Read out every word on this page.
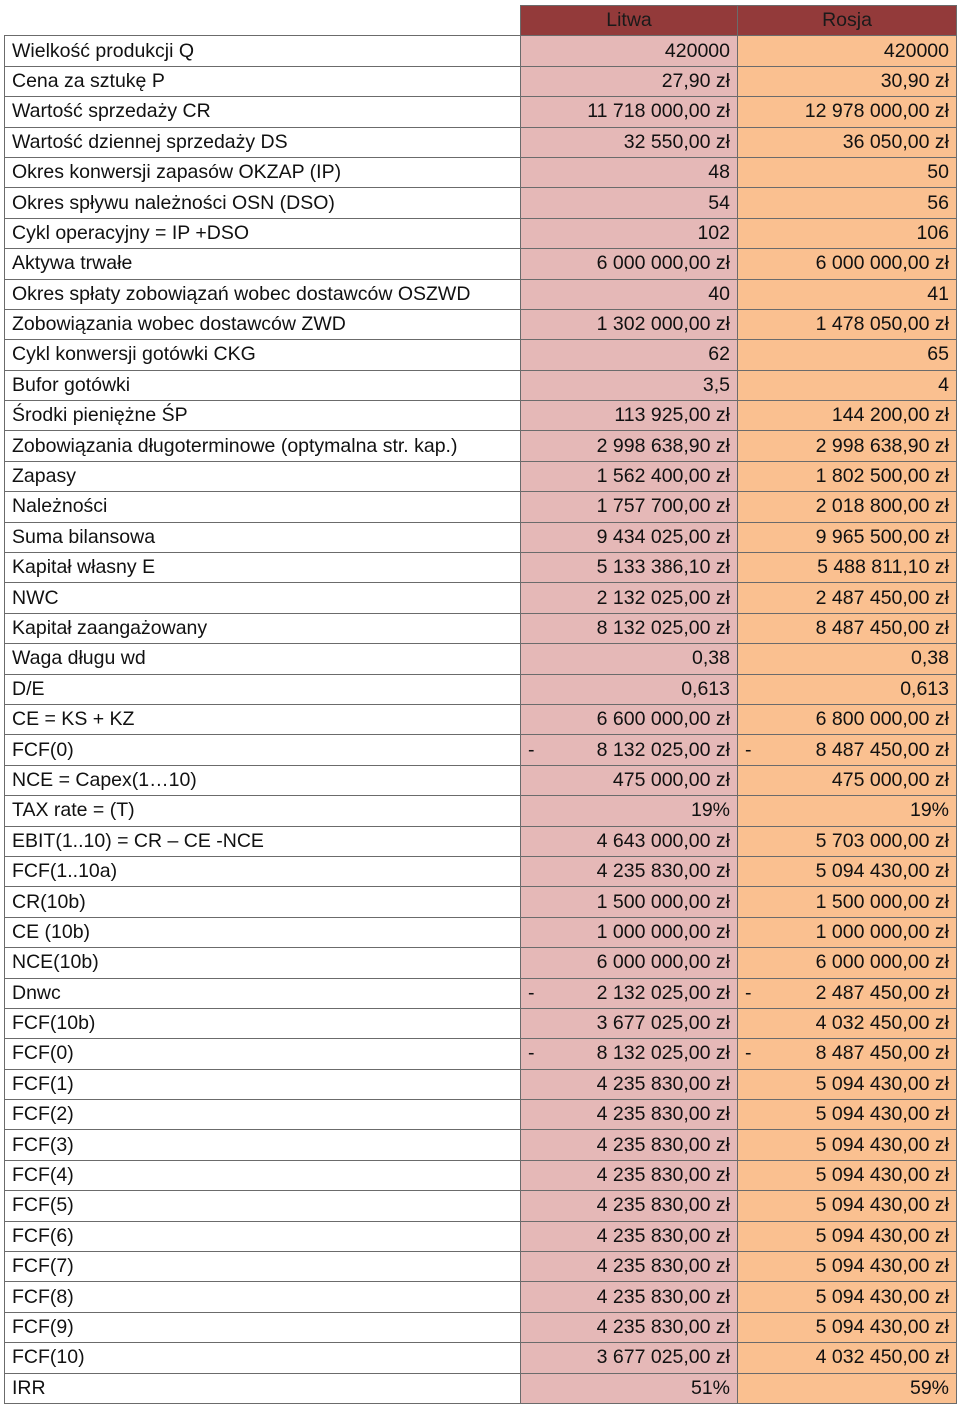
	Litwa	Rosja
Wielkość produkcji Q	420000	420000
Cena za sztukę P	27,90 zł	30,90 zł
Wartość sprzedaży CR	11 718 000,00 zł	12 978 000,00 zł
Wartość dziennej sprzedaży DS	32 550,00 zł	36 050,00 zł
Okres konwersji zapasów OKZAP (IP)	48	50
Okres spływu należności OSN (DSO)	54	56
Cykl operacyjny = IP +DSO	102	106
Aktywa trwałe	6 000 000,00 zł	6 000 000,00 zł
Okres spłaty zobowiązań wobec dostawców OSZWD	40	41
Zobowiązania wobec dostawców ZWD	1 302 000,00 zł	1 478 050,00 zł
Cykl konwersji gotówki CKG	62	65
Bufor gotówki	3,5	4
Środki pieniężne ŚP	113 925,00 zł	144 200,00 zł
Zobowiązania długoterminowe (optymalna str. kap.)	2 998 638,90 zł	2 998 638,90 zł
Zapasy	1 562 400,00 zł	1 802 500,00 zł
Należności	1 757 700,00 zł	2 018 800,00 zł
Suma bilansowa	9 434 025,00 zł	9 965 500,00 zł
Kapitał własny E	5 133 386,10 zł	5 488 811,10 zł
NWC	2 132 025,00 zł	2 487 450,00 zł
Kapitał zaangażowany	8 132 025,00 zł	8 487 450,00 zł
Waga długu wd	0,38	0,38
D/E	0,613	0,613
CE = KS + KZ	6 600 000,00 zł	6 800 000,00 zł
FCF(0)	- 8 132 025,00 zł	- 8 487 450,00 zł

NCE = Capex(1…10)	475 000,00 zł	475 000,00 zł
TAX rate = (T)	19%	19%
EBIT(1..10) = CR – CE -NCE	4 643 000,00 zł	5 703 000,00 zł
FCF(1..10a)	4 235 830,00 zł	5 094 430,00 zł
CR(10b)	1 500 000,00 zł	1 500 000,00 zł
CE (10b)	1 000 000,00 zł	1 000 000,00 zł
NCE(10b)	6 000 000,00 zł	6 000 000,00 zł
Dnwc	- 2 132 025,00 zł	- 2 487 450,00 zł

FCF(10b)	3 677 025,00 zł	4 032 450,00 zł
FCF(0)	- 8 132 025,00 zł	- 8 487 450,00 zł

FCF(1)	4 235 830,00 zł	5 094 430,00 zł
FCF(2)	4 235 830,00 zł	5 094 430,00 zł
FCF(3)	4 235 830,00 zł	5 094 430,00 zł
FCF(4)	4 235 830,00 zł	5 094 430,00 zł
FCF(5)	4 235 830,00 zł	5 094 430,00 zł
FCF(6)	4 235 830,00 zł	5 094 430,00 zł
FCF(7)	4 235 830,00 zł	5 094 430,00 zł
FCF(8)	4 235 830,00 zł	5 094 430,00 zł
FCF(9)	4 235 830,00 zł	5 094 430,00 zł
FCF(10)	3 677 025,00 zł	4 032 450,00 zł
IRR	51%	59%
